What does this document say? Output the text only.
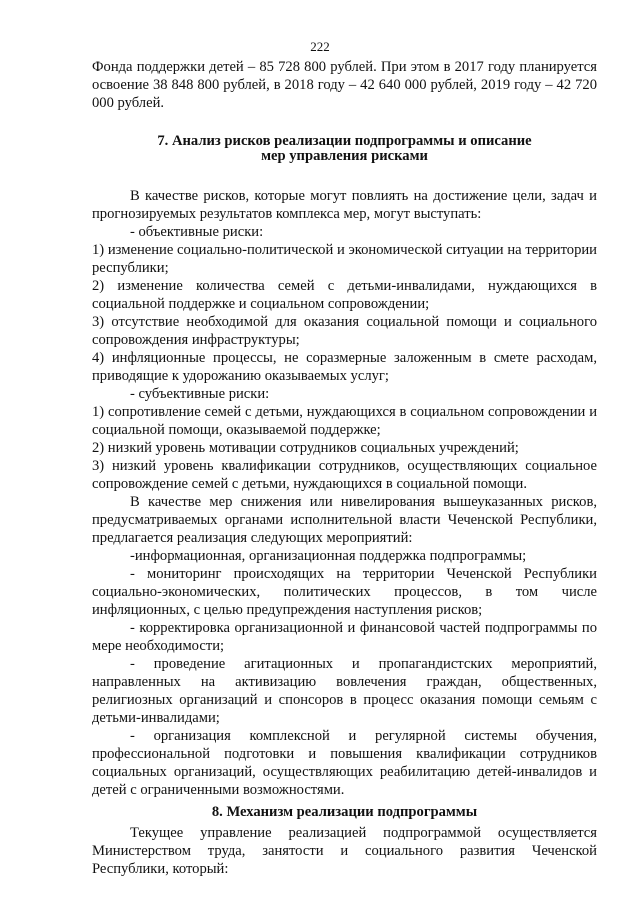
222

Фонда поддержки детей – 85 728 800 рублей. При этом в 2017 году планируется освоение 38 848 800 рублей, в 2018 году – 42 640 000 рублей, 2019 году – 42 720 000 рублей.

7. Анализ рисков реализации подпрограммы и описание
мер управления рисками

В качестве рисков, которые могут повлиять на достижение цели, задач и прогнозируемых результатов комплекса мер, могут выступать:

- объективные риски:

1) изменение социально-политической и экономической ситуации на территории республики;

2) изменение количества семей с детьми-инвалидами, нуждающихся в социальной поддержке и социальном сопровождении;

3) отсутствие необходимой для оказания социальной помощи и социального сопровождения инфраструктуры;

4) инфляционные процессы, не соразмерные заложенным в смете расходам, приводящие к удорожанию оказываемых услуг;

- субъективные риски:

1) сопротивление семей с детьми, нуждающихся в социальном сопровождении и социальной помощи, оказываемой поддержке;

2) низкий уровень мотивации сотрудников социальных учреждений;

3) низкий уровень квалификации сотрудников, осуществляющих социальное сопровождение семей с детьми, нуждающихся в социальной помощи.

В качестве мер снижения или нивелирования вышеуказанных рисков, предусматриваемых органами исполнительной власти Чеченской Республики, предлагается реализация следующих мероприятий:

-информационная, организационная поддержка подпрограммы;

- мониторинг происходящих на территории Чеченской Республики социально-экономических, политических процессов, в том числе инфляционных, с целью предупреждения наступления рисков;

- корректировка организационной и финансовой частей подпрограммы по мере необходимости;

- проведение агитационных и пропагандистских мероприятий, направленных на активизацию вовлечения граждан, общественных, религиозных организаций и спонсоров в процесс оказания помощи семьям с детьми-инвалидами;

- организация комплексной и регулярной системы обучения, профессиональной подготовки и повышения квалификации сотрудников социальных организаций, осуществляющих реабилитацию детей-инвалидов и детей с ограниченными возможностями.

8. Механизм реализации подпрограммы

Текущее управление реализацией подпрограммой осуществляется Министерством труда, занятости и социального развития Чеченской Республики, который:
